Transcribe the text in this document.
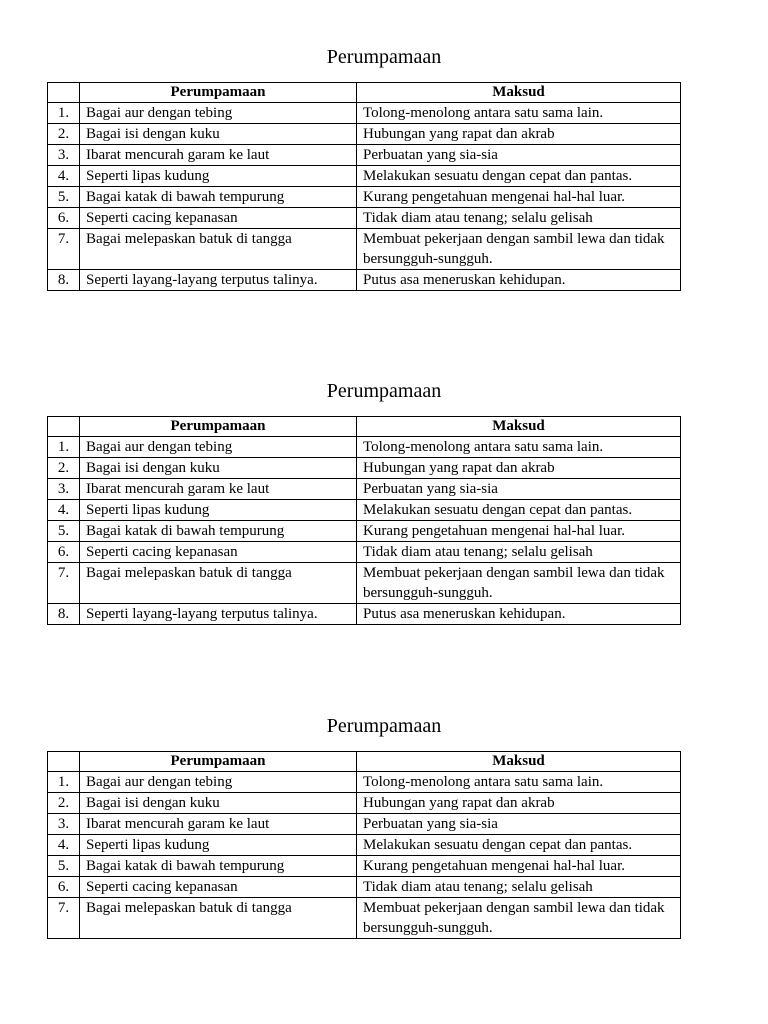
Perumpamaan
	Perumpamaan	Maksud
1.	Bagai aur dengan tebing	Tolong-menolong antara satu sama lain.
2.	Bagai isi dengan kuku	Hubungan yang rapat dan akrab
3.	Ibarat mencurah garam ke laut	Perbuatan yang sia-sia
4.	Seperti lipas kudung	Melakukan sesuatu dengan cepat dan pantas.
5.	Bagai katak di bawah tempurung	Kurang pengetahuan mengenai hal-hal luar.
6.	Seperti cacing kepanasan	Tidak diam atau tenang; selalu gelisah
7.	Bagai melepaskan batuk di tangga	Membuat pekerjaan dengan sambil lewa dan tidak bersungguh-sungguh.
8.	Seperti layang-layang terputus talinya.	Putus asa meneruskan kehidupan.
Perumpamaan
	Perumpamaan	Maksud
1.	Bagai aur dengan tebing	Tolong-menolong antara satu sama lain.
2.	Bagai isi dengan kuku	Hubungan yang rapat dan akrab
3.	Ibarat mencurah garam ke laut	Perbuatan yang sia-sia
4.	Seperti lipas kudung	Melakukan sesuatu dengan cepat dan pantas.
5.	Bagai katak di bawah tempurung	Kurang pengetahuan mengenai hal-hal luar.
6.	Seperti cacing kepanasan	Tidak diam atau tenang; selalu gelisah
7.	Bagai melepaskan batuk di tangga	Membuat pekerjaan dengan sambil lewa dan tidak bersungguh-sungguh.
8.	Seperti layang-layang terputus talinya.	Putus asa meneruskan kehidupan.
Perumpamaan
	Perumpamaan	Maksud
1.	Bagai aur dengan tebing	Tolong-menolong antara satu sama lain.
2.	Bagai isi dengan kuku	Hubungan yang rapat dan akrab
3.	Ibarat mencurah garam ke laut	Perbuatan yang sia-sia
4.	Seperti lipas kudung	Melakukan sesuatu dengan cepat dan pantas.
5.	Bagai katak di bawah tempurung	Kurang pengetahuan mengenai hal-hal luar.
6.	Seperti cacing kepanasan	Tidak diam atau tenang; selalu gelisah
7.	Bagai melepaskan batuk di tangga	Membuat pekerjaan dengan sambil lewa dan tidak bersungguh-sungguh.
